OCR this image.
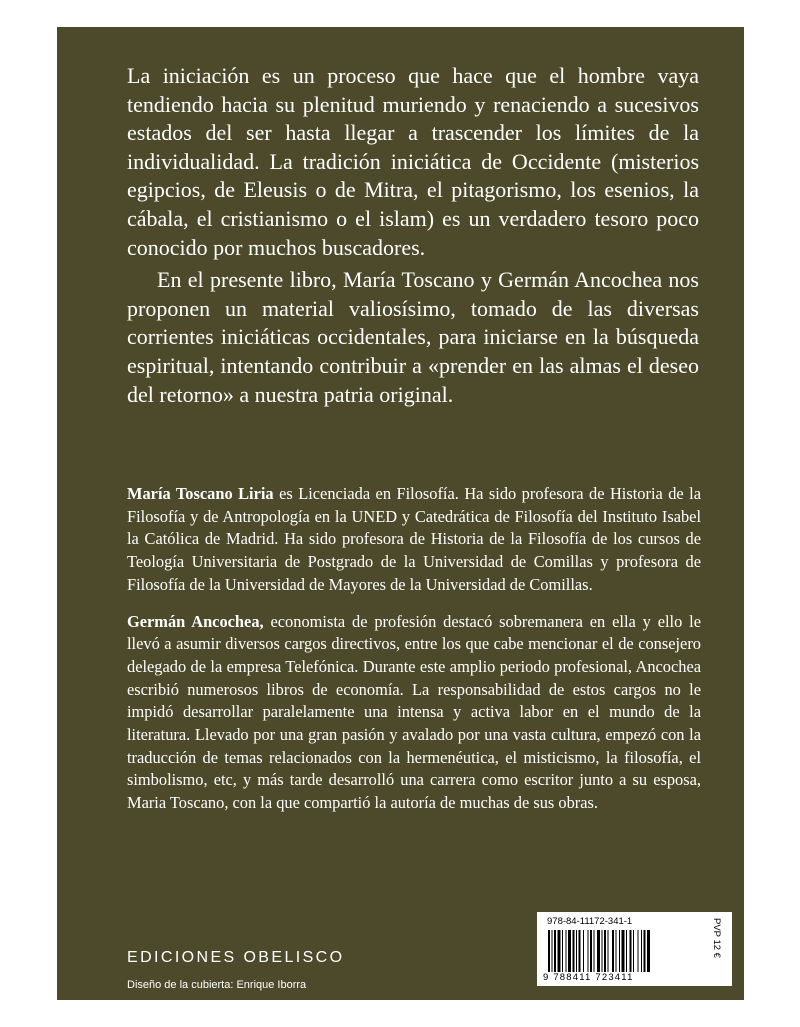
La iniciación es un proceso que hace que el hombre vaya tendiendo hacia su plenitud muriendo y renaciendo a sucesivos estados del ser hasta llegar a trascender los límites de la individualidad. La tradición iniciática de Occidente (misterios egipcios, de Eleusis o de Mitra, el pitagorismo, los esenios, la cábala, el cristianismo o el islam) es un verdadero tesoro poco conocido por muchos buscadores.

En el presente libro, María Toscano y Germán Ancochea nos proponen un material valiosísimo, tomado de las diversas corrientes iniciáticas occidentales, para iniciarse en la búsqueda espiritual, intentando contribuir a «prender en las almas el deseo del retorno» a nuestra patria original.

María Toscano Liria es Licenciada en Filosofía. Ha sido profesora de Historia de la Filosofía y de Antropología en la UNED y Catedrática de Filosofía del Instituto Isabel la Católica de Madrid. Ha sido profesora de Historia de la Filosofía de los cursos de Teología Universitaria de Postgrado de la Universidad de Comillas y profesora de Filosofía de la Universidad de Mayores de la Universidad de Comillas.

Germán Ancochea, economista de profesión destacó sobremanera en ella y ello le llevó a asumir diversos cargos directivos, entre los que cabe mencionar el de consejero delegado de la empresa Telefónica. Durante este amplio periodo profesional, Ancochea escribió numerosos libros de economía. La responsabilidad de estos cargos no le impidó desarrollar paralelamente una intensa y activa labor en el mundo de la literatura. Llevado por una gran pasión y avalado por una vasta cultura, empezó con la traducción de temas relacionados con la hermenéutica, el misticismo, la filosofía, el simbolismo, etc, y más tarde desarrolló una carrera como escritor junto a su esposa, Maria Toscano, con la que compartió la autoría de muchas de sus obras.

EDICIONES OBELISCO

Diseño de la cubierta: Enrique Iborra

978-84-11172-341-1
9 788411 723411
PVP 12 €
